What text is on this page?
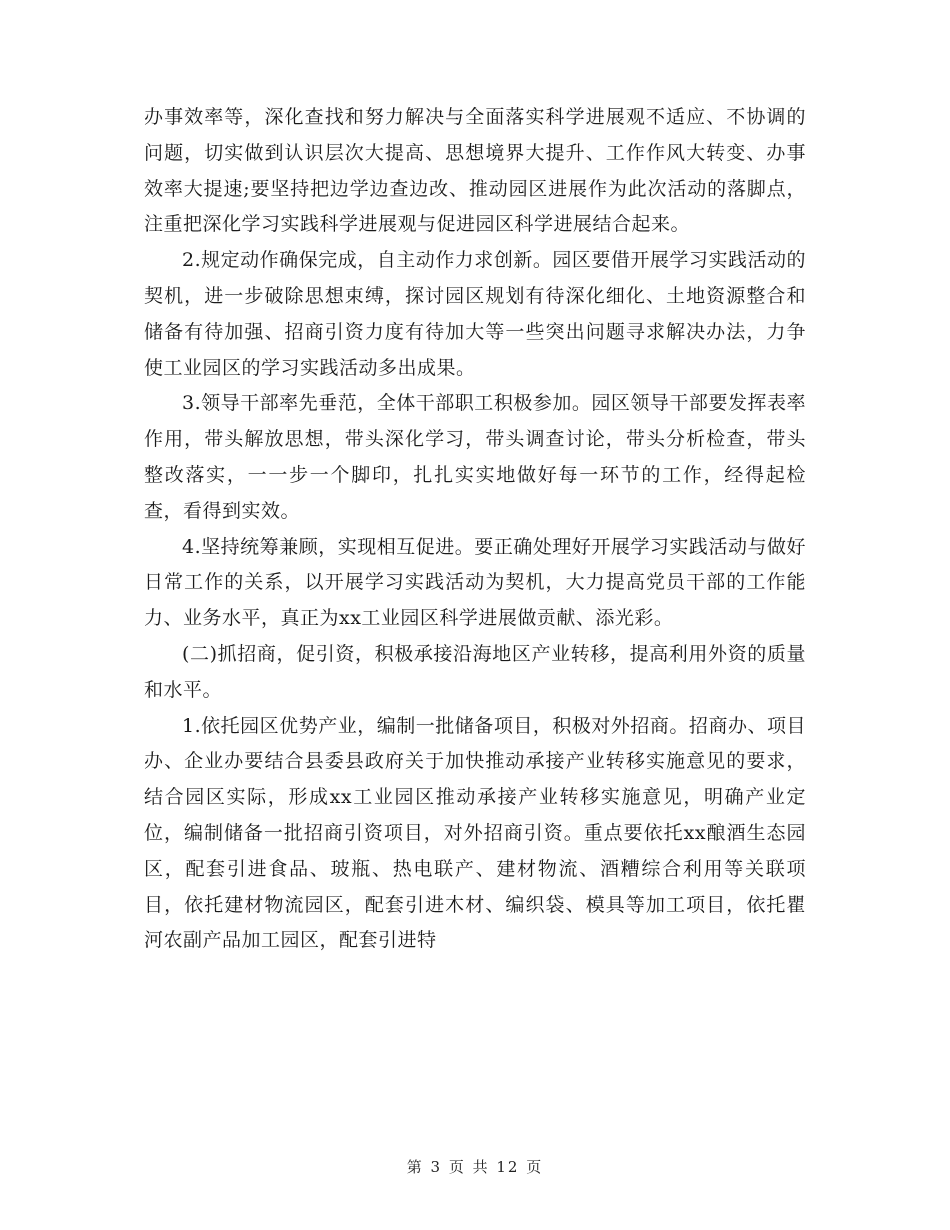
办事效率等，深化查找和努力解决与全面落实科学进展观不适应、不协调的问题，切实做到认识层次大提高、思想境界大提升、工作作风大转变、办事效率大提速;要坚持把边学边查边改、推动园区进展作为此次活动的落脚点，注重把深化学习实践科学进展观与促进园区科学进展结合起来。

2.规定动作确保完成，自主动作力求创新。园区要借开展学习实践活动的契机，进一步破除思想束缚，探讨园区规划有待深化细化、土地资源整合和储备有待加强、招商引资力度有待加大等一些突出问题寻求解决办法，力争使工业园区的学习实践活动多出成果。

3.领导干部率先垂范，全体干部职工积极参加。园区领导干部要发挥表率作用，带头解放思想，带头深化学习，带头调查讨论，带头分析检查，带头整改落实，一一步一个脚印，扎扎实实地做好每一环节的工作，经得起检查，看得到实效。

4.坚持统筹兼顾，实现相互促进。要正确处理好开展学习实践活动与做好日常工作的关系，以开展学习实践活动为契机，大力提高党员干部的工作能力、业务水平，真正为xx工业园区科学进展做贡献、添光彩。

(二)抓招商，促引资，积极承接沿海地区产业转移，提高利用外资的质量和水平。

1.依托园区优势产业，编制一批储备项目，积极对外招商。招商办、项目办、企业办要结合县委县政府关于加快推动承接产业转移实施意见的要求，结合园区实际，形成xx工业园区推动承接产业转移实施意见，明确产业定位，编制储备一批招商引资项目，对外招商引资。重点要依托xx酿酒生态园区，配套引进食品、玻瓶、热电联产、建材物流、酒糟综合利用等关联项目，依托建材物流园区，配套引进木材、编织袋、模具等加工项目，依托瞿河农副产品加工园区，配套引进特

第 3 页 共 12 页
